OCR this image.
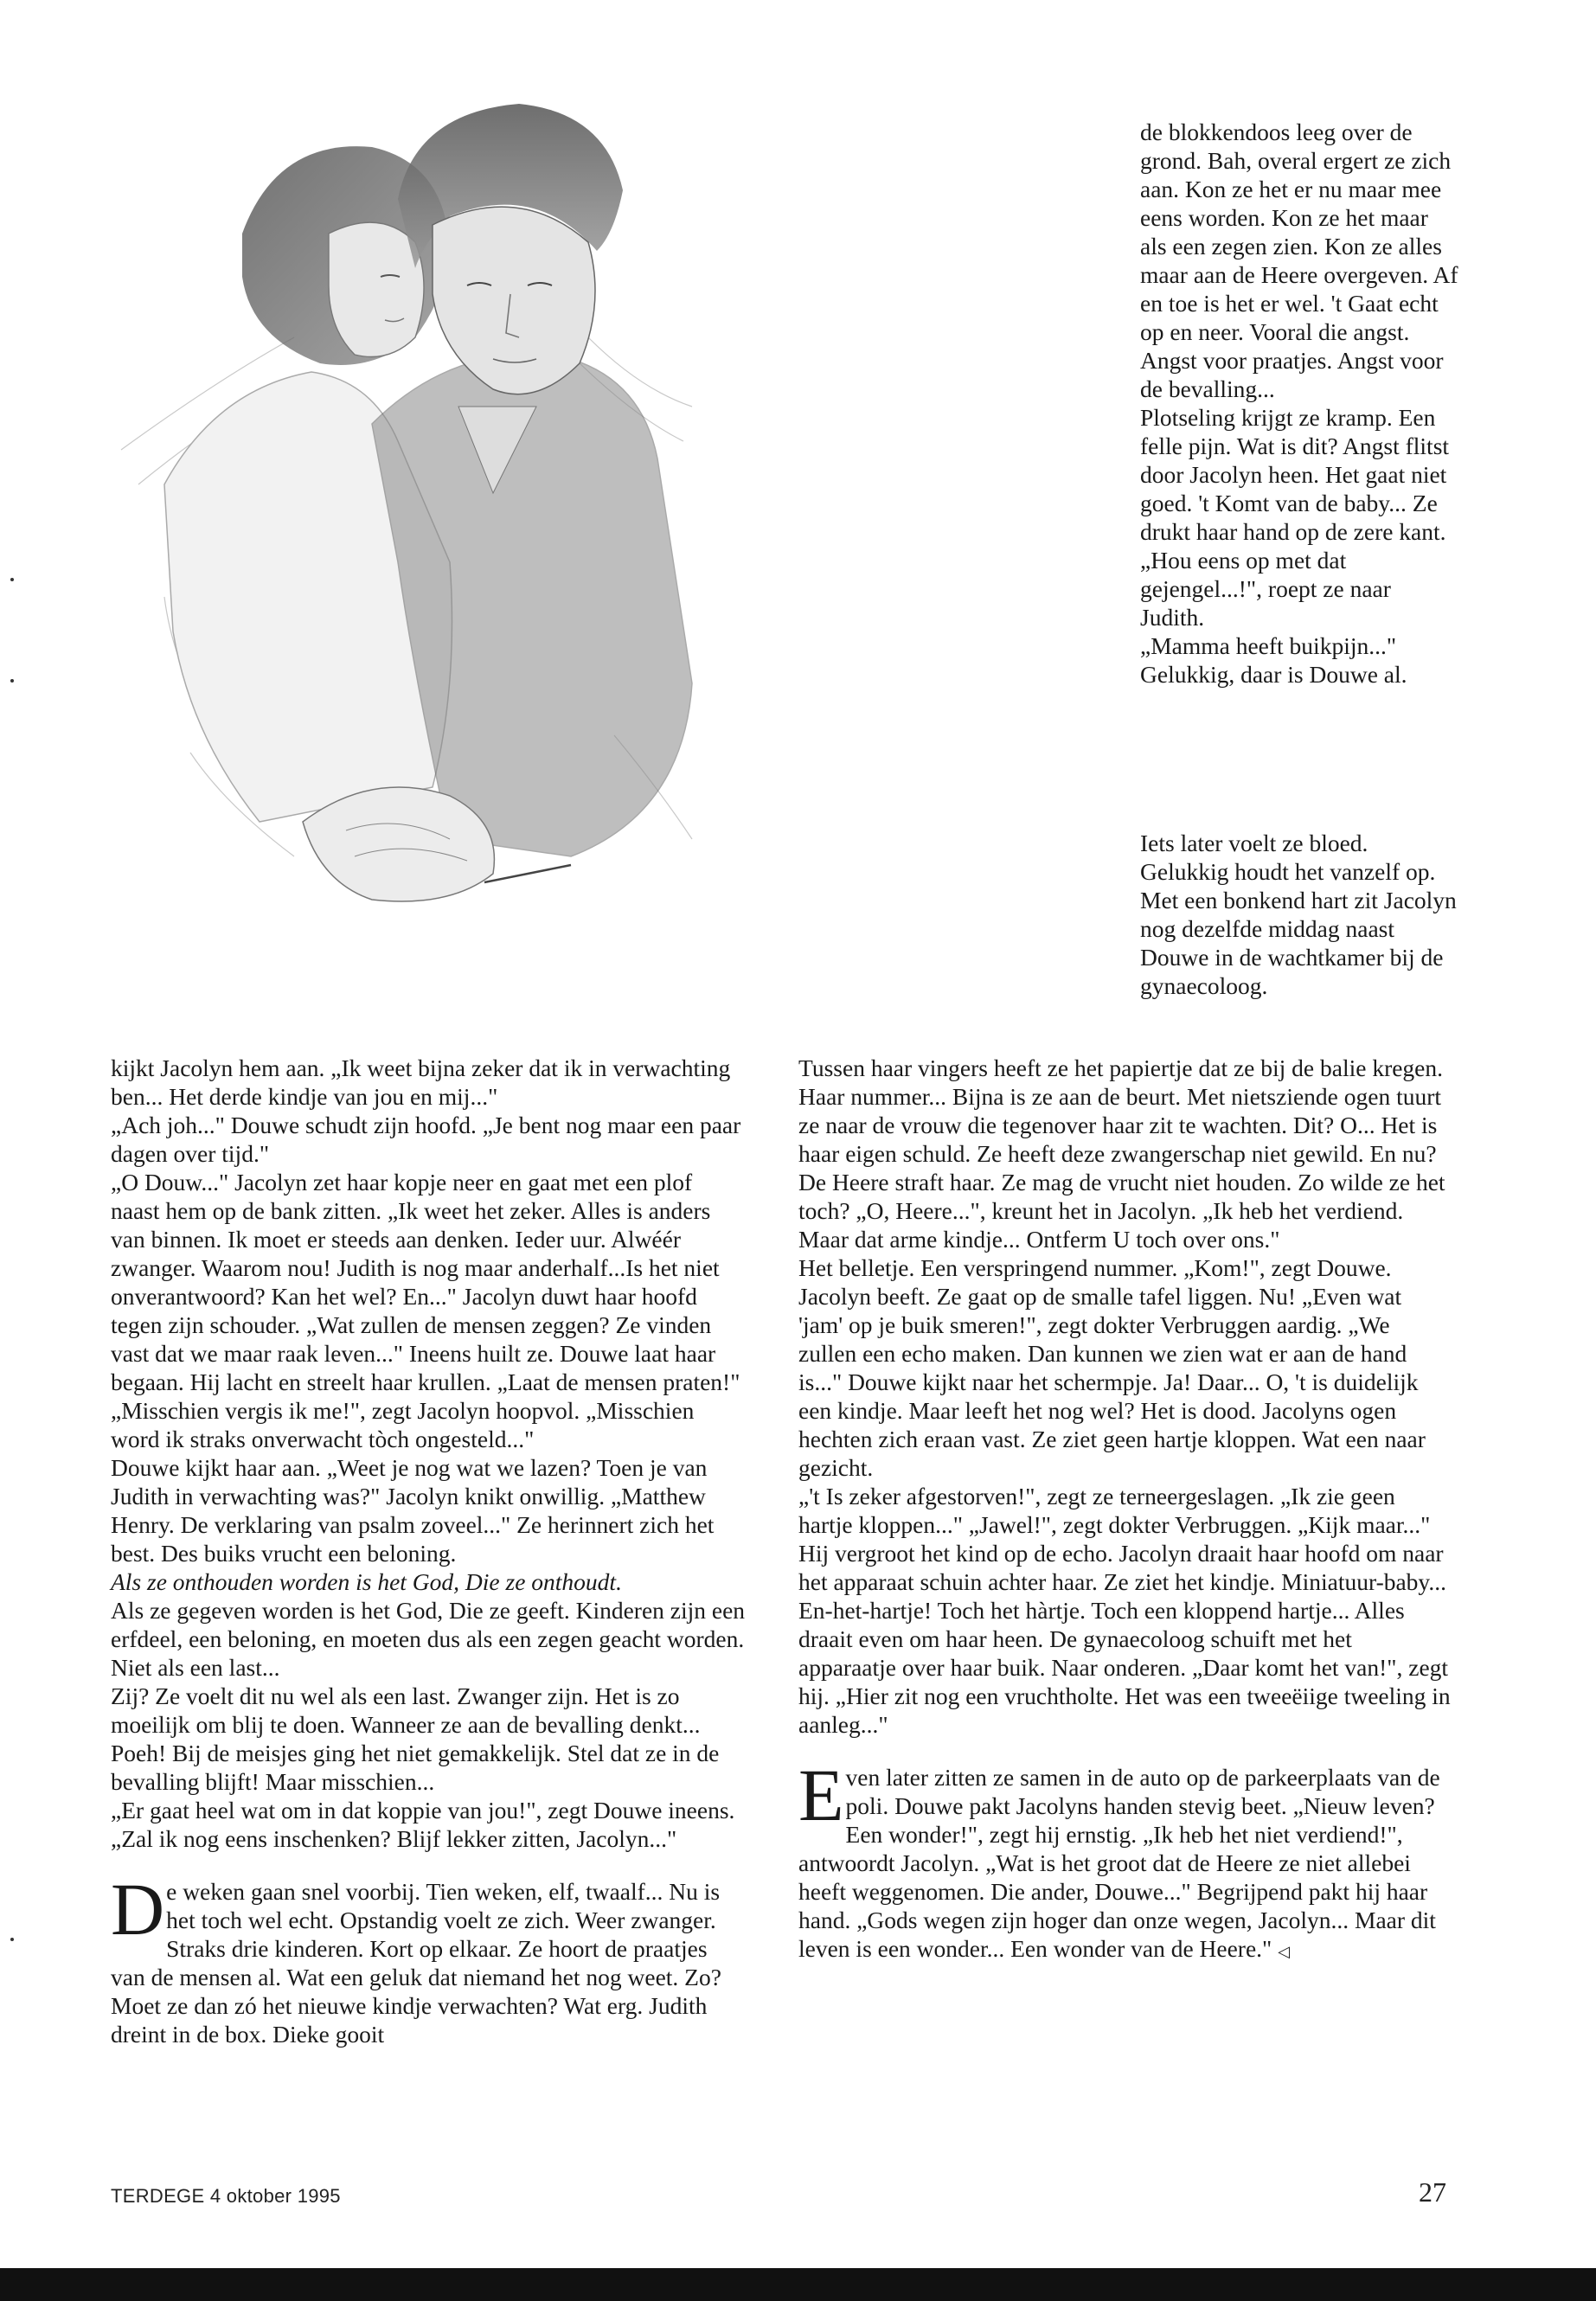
de blokkendoos leeg over de grond. Bah, overal ergert ze zich aan. Kon ze het er nu maar mee eens worden. Kon ze het maar als een zegen zien. Kon ze alles maar aan de Heere overgeven. Af en toe is het er wel. 't Gaat echt op en neer. Vooral die angst. Angst voor praatjes. Angst voor de bevalling...

Plotseling krijgt ze kramp. Een felle pijn. Wat is dit? Angst flitst door Jacolyn heen. Het gaat niet goed. 't Komt van de baby... Ze drukt haar hand op de zere kant.

„Hou eens op met dat gejengel...!", roept ze naar Judith.

„Mamma heeft buikpijn..."

Gelukkig, daar is Douwe al.

Iets later voelt ze bloed. Gelukkig houdt het vanzelf op.

Met een bonkend hart zit Jacolyn nog dezelfde middag naast Douwe in de wachtkamer bij de gynaecoloog.

kijkt Jacolyn hem aan. „Ik weet bijna zeker dat ik in verwachting ben... Het derde kindje van jou en mij..."

„Ach joh..." Douwe schudt zijn hoofd. „Je bent nog maar een paar dagen over tijd."

„O Douw..." Jacolyn zet haar kopje neer en gaat met een plof naast hem op de bank zitten. „Ik weet het zeker. Alles is anders van binnen. Ik moet er steeds aan denken. Ieder uur. Alwéér zwanger. Waarom nou! Judith is nog maar anderhalf...Is het niet onverantwoord? Kan het wel? En..." Jacolyn duwt haar hoofd tegen zijn schouder. „Wat zullen de mensen zeggen? Ze vinden vast dat we maar raak leven..." Ineens huilt ze. Douwe laat haar begaan. Hij lacht en streelt haar krullen. „Laat de mensen praten!"

„Misschien vergis ik me!", zegt Jacolyn hoopvol. „Misschien word ik straks onverwacht tòch ongesteld..."

Douwe kijkt haar aan. „Weet je nog wat we lazen? Toen je van Judith in verwachting was?" Jacolyn knikt onwillig. „Matthew Henry. De verklaring van psalm zoveel..." Ze herinnert zich het best. Des buiks vrucht een beloning.

Als ze onthouden worden is het God, Die ze onthoudt.

Als ze gegeven worden is het God, Die ze geeft. Kinderen zijn een erfdeel, een beloning, en moeten dus als een zegen geacht worden. Niet als een last...

Zij? Ze voelt dit nu wel als een last. Zwanger zijn. Het is zo moeilijk om blij te doen. Wanneer ze aan de bevalling denkt... Poeh! Bij de meisjes ging het niet gemakkelijk. Stel dat ze in de bevalling blijft! Maar misschien...

„Er gaat heel wat om in dat koppie van jou!", zegt Douwe ineens. „Zal ik nog eens inschenken? Blijf lekker zitten, Jacolyn..."

De weken gaan snel voorbij. Tien weken, elf, twaalf... Nu is het toch wel echt. Opstandig voelt ze zich. Weer zwanger. Straks drie kinderen. Kort op elkaar. Ze hoort de praatjes van de mensen al. Wat een geluk dat niemand het nog weet. Zo? Moet ze dan zó het nieuwe kindje verwachten? Wat erg. Judith dreint in de box. Dieke gooit

Tussen haar vingers heeft ze het papiertje dat ze bij de balie kregen. Haar nummer... Bijna is ze aan de beurt. Met nietsziende ogen tuurt ze naar de vrouw die tegenover haar zit te wachten. Dit? O... Het is haar eigen schuld. Ze heeft deze zwangerschap niet gewild. En nu? De Heere straft haar. Ze mag de vrucht niet houden. Zo wilde ze het toch? „O, Heere...", kreunt het in Jacolyn. „Ik heb het verdiend. Maar dat arme kindje... Ontferm U toch over ons."

Het belletje. Een verspringend nummer. „Kom!", zegt Douwe. Jacolyn beeft. Ze gaat op de smalle tafel liggen. Nu! „Even wat 'jam' op je buik smeren!", zegt dokter Verbruggen aardig. „We zullen een echo maken. Dan kunnen we zien wat er aan de hand is..." Douwe kijkt naar het schermpje. Ja! Daar... O, 't is duidelijk een kindje. Maar leeft het nog wel? Het is dood. Jacolyns ogen hechten zich eraan vast. Ze ziet geen hartje kloppen. Wat een naar gezicht.

„'t Is zeker afgestorven!", zegt ze terneergeslagen. „Ik zie geen hartje kloppen..." „Jawel!", zegt dokter Verbruggen. „Kijk maar..." Hij vergroot het kind op de echo. Jacolyn draait haar hoofd om naar het apparaat schuin achter haar. Ze ziet het kindje. Miniatuur-baby... En-het-hartje! Toch het hàrtje. Toch een kloppend hartje... Alles draait even om haar heen. De gynaecoloog schuift met het apparaatje over haar buik. Naar onderen. „Daar komt het van!", zegt hij. „Hier zit nog een vruchtholte. Het was een tweeëiige tweeling in aanleg..."

Even later zitten ze samen in de auto op de parkeerplaats van de poli. Douwe pakt Jacolyns handen stevig beet. „Nieuw leven? Een wonder!", zegt hij ernstig. „Ik heb het niet verdiend!", antwoordt Jacolyn. „Wat is het groot dat de Heere ze niet allebei heeft weggenomen. Die ander, Douwe..." Begrijpend pakt hij haar hand. „Gods wegen zijn hoger dan onze wegen, Jacolyn... Maar dit leven is een wonder... Een wonder van de Heere." ◁

TERDEGE 4 oktober 1995	27
